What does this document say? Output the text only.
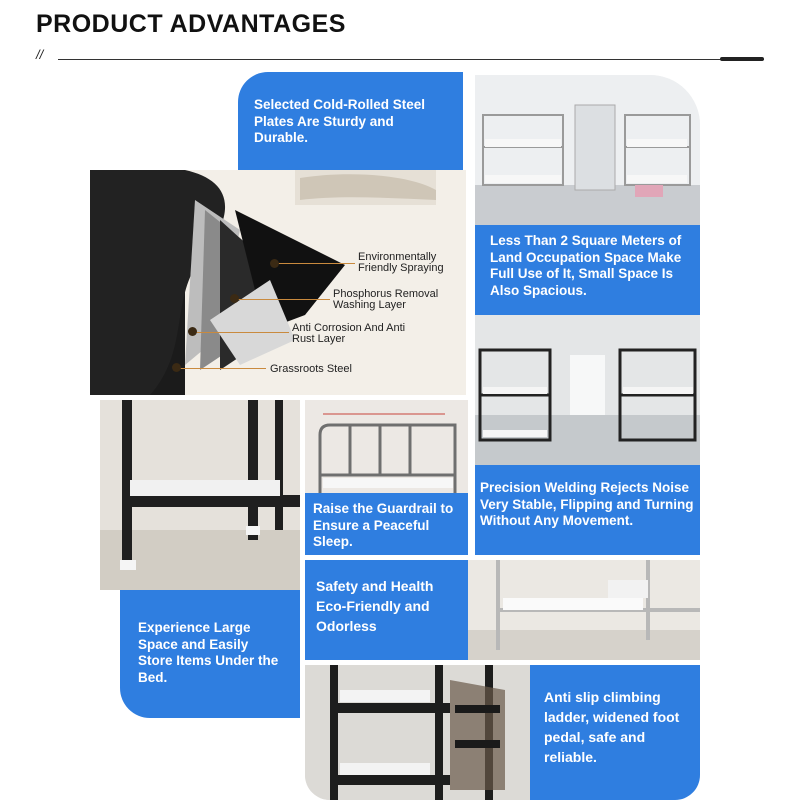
PRODUCT ADVANTAGES
//
Environmentally Friendly Spraying
Phosphorus Removal Washing Layer
Anti Corrosion And Anti Rust Layer
Grassroots Steel
Selected Cold-Rolled Steel Plates Are Sturdy and Durable.
Less Than 2 Square Meters of Land Occupation Space Make Full Use of It, Small Space Is Also Spacious.
Precision Welding Rejects Noise Very Stable, Flipping and Turning Without Any Movement.
Raise the Guardrail to Ensure a Peaceful Sleep.
Experience Large Space and Easily Store Items Under the Bed.
Safety and Health Eco-Friendly and Odorless
Anti slip climbing ladder, widened foot pedal, safe and reliable.
